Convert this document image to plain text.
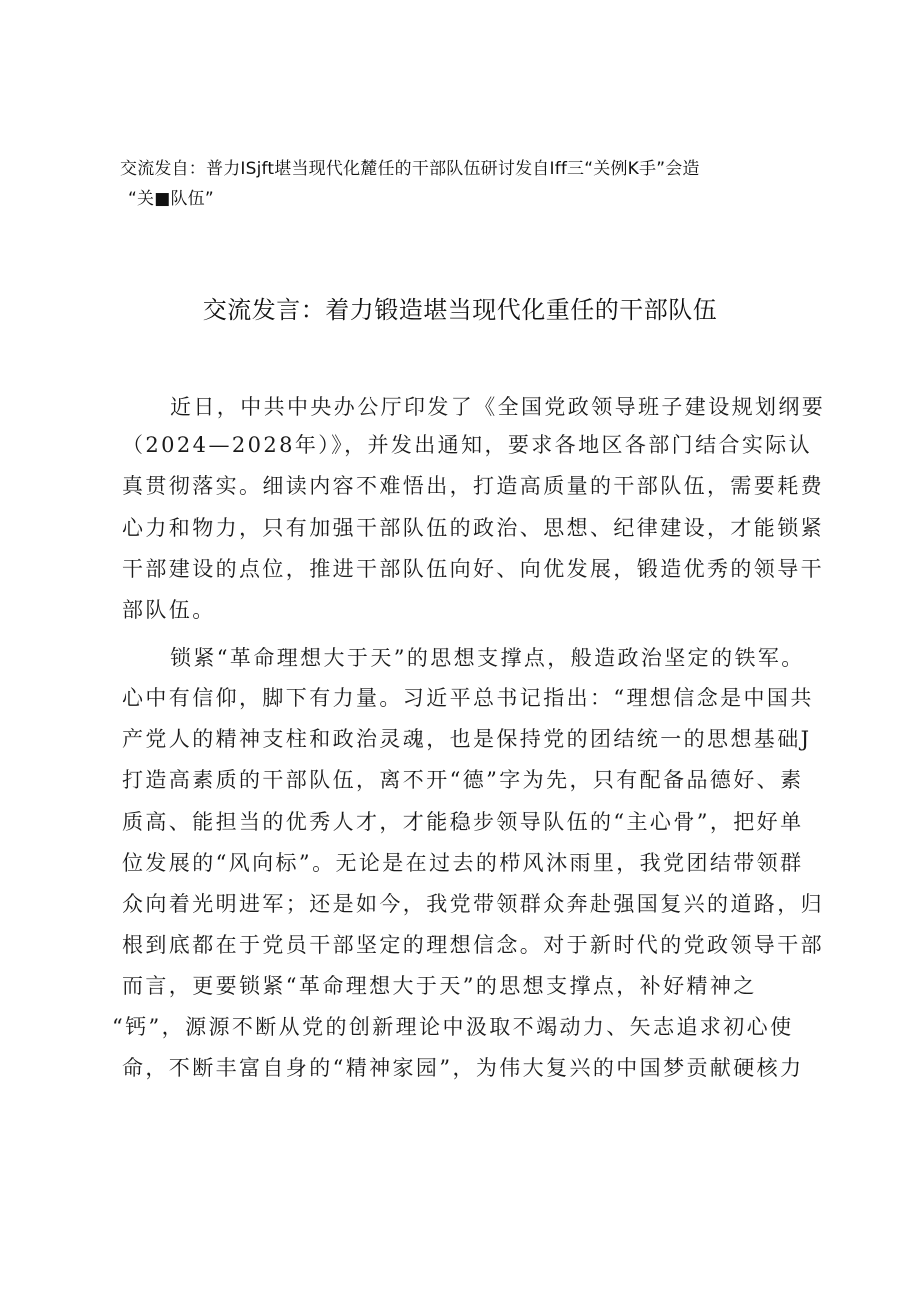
交流发自：普力ISjft堪当现代化麓任的干部队伍研讨发自Iff三“关例K手”会造
“关■队伍”
交流发言：着力锻造堪当现代化重任的干部队伍
近日，中共中央办公厅印发了《全国党政领导班子建设规划纲要
（2024—2028年）》，并发出通知，要求各地区各部门结合实际认
真贯彻落实。细读内容不难悟出，打造高质量的干部队伍，需要耗费
心力和物力，只有加强干部队伍的政治、思想、纪律建设，才能锁紧
干部建设的点位，推进干部队伍向好、向优发展，锻造优秀的领导干
部队伍。
锁紧“革命理想大于天”的思想支撑点，般造政治坚定的铁军。
心中有信仰，脚下有力量。习近平总书记指出：“理想信念是中国共
产党人的精神支柱和政治灵魂，也是保持党的团结统一的思想基础J
打造高素质的干部队伍，离不开“德”字为先，只有配备品德好、素
质高、能担当的优秀人才，才能稳步领导队伍的“主心骨”，把好单
位发展的“风向标”。无论是在过去的栉风沐雨里，我党团结带领群
众向着光明进军；还是如今，我党带领群众奔赴强国复兴的道路，归
根到底都在于党员干部坚定的理想信念。对于新时代的党政领导干部
而言，更要锁紧“革命理想大于天”的思想支撑点，补好精神之
“钙”，源源不断从党的创新理论中汲取不竭动力、矢志追求初心使
命，不断丰富自身的“精神家园”，为伟大复兴的中国梦贡献硬核力
